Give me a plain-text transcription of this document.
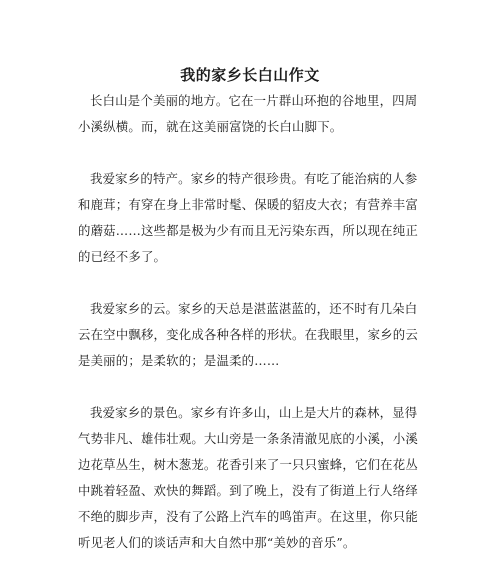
我的家乡长白山作文

长白山是个美丽的地方。它在一片群山环抱的谷地里，四周小溪纵横。而，就在这美丽富饶的长白山脚下。

我爱家乡的特产。家乡的特产很珍贵。有吃了能治病的人参和鹿茸；有穿在身上非常时髦、保暖的貂皮大衣；有营养丰富的蘑菇……这些都是极为少有而且无污染东西，所以现在纯正的已经不多了。

我爱家乡的云。家乡的天总是湛蓝湛蓝的，还不时有几朵白云在空中飘移，变化成各种各样的形状。在我眼里，家乡的云是美丽的；是柔软的；是温柔的……

我爱家乡的景色。家乡有许多山，山上是大片的森林，显得气势非凡、雄伟壮观。大山旁是一条条清澈见底的小溪，小溪边花草丛生，树木葱茏。花香引来了一只只蜜蜂，它们在花丛中跳着轻盈、欢快的舞蹈。到了晚上，没有了街道上行人络绎不绝的脚步声，没有了公路上汽车的鸣笛声。在这里，你只能听见老人们的谈话声和大自然中那“美妙的音乐”。
